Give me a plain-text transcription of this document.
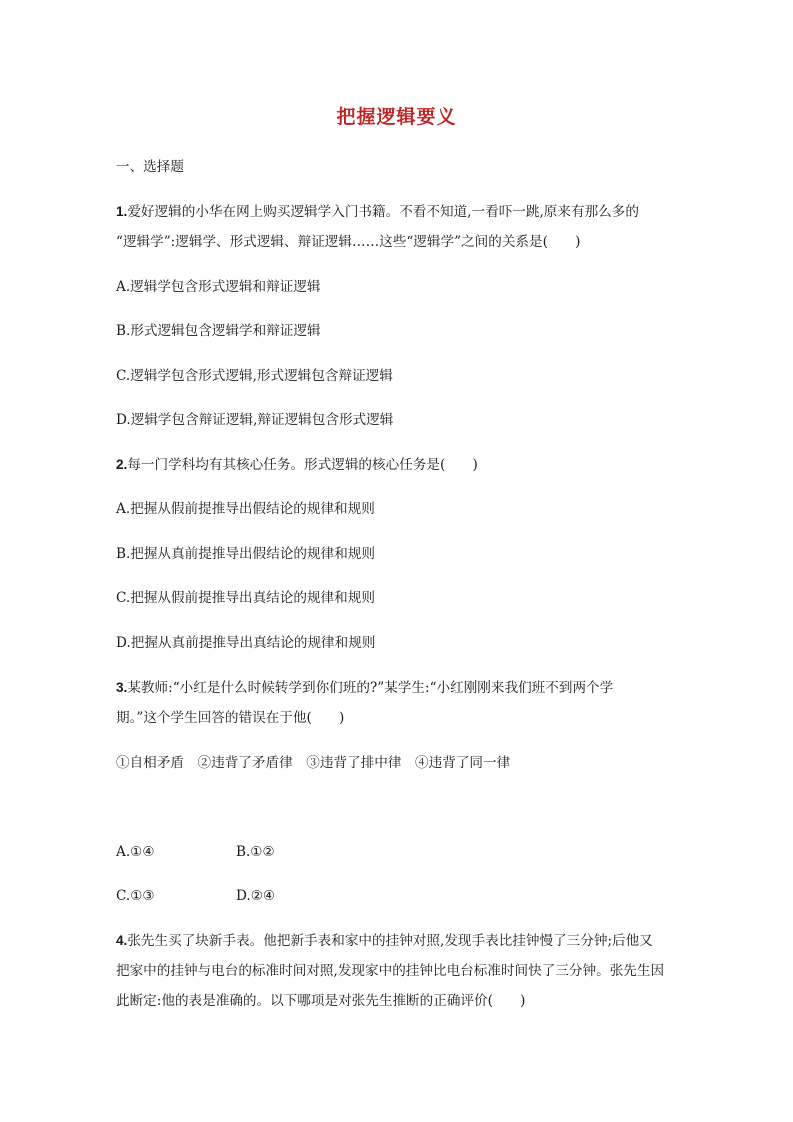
把握逻辑要义
一、选择题
1.爱好逻辑的小华在网上购买逻辑学入门书籍。不看不知道,一看吓一跳,原来有那么多的
“逻辑学”:逻辑学、形式逻辑、辩证逻辑……这些“逻辑学”之间的关系是(　　)
A.逻辑学包含形式逻辑和辩证逻辑
B.形式逻辑包含逻辑学和辩证逻辑
C.逻辑学包含形式逻辑,形式逻辑包含辩证逻辑
D.逻辑学包含辩证逻辑,辩证逻辑包含形式逻辑
2.每一门学科均有其核心任务。形式逻辑的核心任务是(　　)
A.把握从假前提推导出假结论的规律和规则
B.把握从真前提推导出假结论的规律和规则
C.把握从假前提推导出真结论的规律和规则
D.把握从真前提推导出真结论的规律和规则
3.某教师:“小红是什么时候转学到你们班的?”某学生:“小红刚刚来我们班不到两个学
期。”这个学生回答的错误在于他(　　)
①自相矛盾　②违背了矛盾律　③违背了排中律　④违背了同一律
A.①④	B.①②
C.①③	D.②④
4.张先生买了块新手表。他把新手表和家中的挂钟对照,发现手表比挂钟慢了三分钟;后他又
把家中的挂钟与电台的标准时间对照,发现家中的挂钟比电台标准时间快了三分钟。张先生因
此断定:他的表是准确的。以下哪项是对张先生推断的正确评价(　　)
